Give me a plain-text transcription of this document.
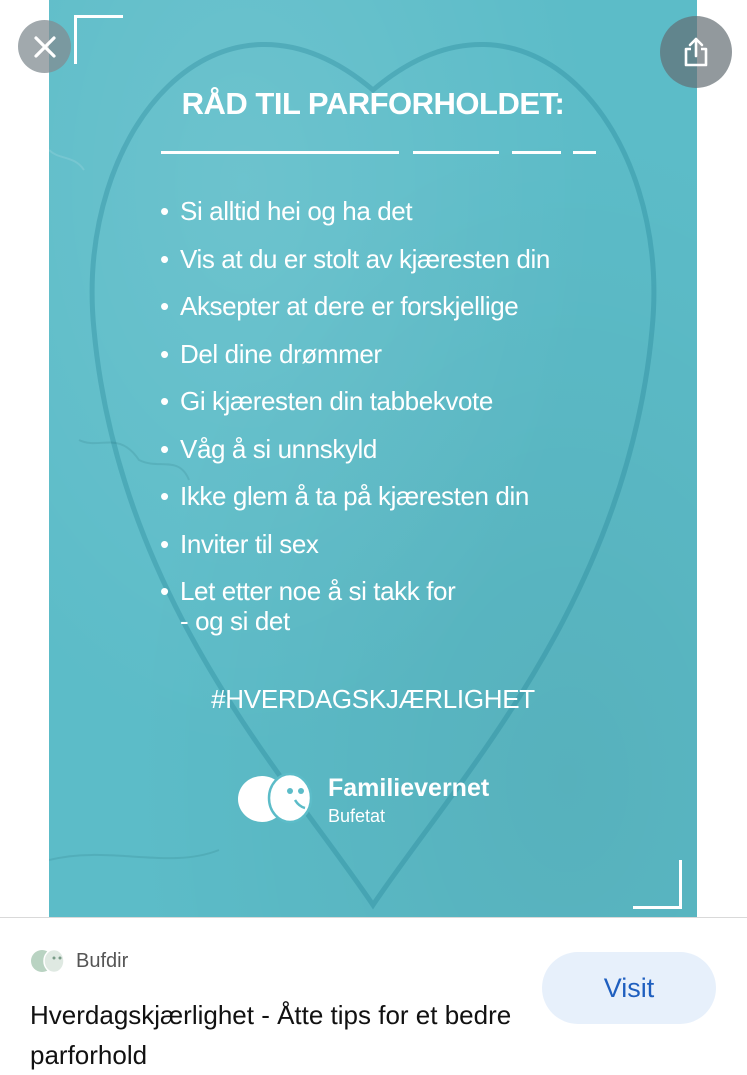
RÅD TIL PARFORHOLDET:
• Si alltid hei og ha det
• Vis at du er stolt av kjæresten din
• Aksepter at dere er forskjellige
• Del dine drømmer
• Gi kjæresten din tabbekvote
• Våg å si unnskyld
• Ikke glem å ta på kjæresten din
• Inviter til sex
• Let etter noe å si takk for
- og si det
#HVERDAGSKJÆRLIGHET
Familievernet
Bufetat
Bufdir
Hverdagskjærlighet - Åtte tips for et bedre parforhold
Visit
